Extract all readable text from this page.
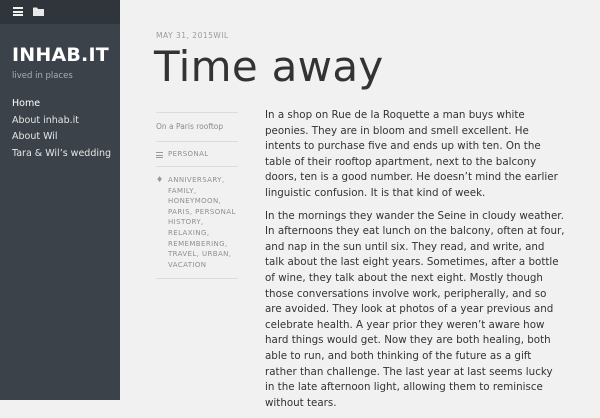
INHAB.IT
lived in places
Home
About inhab.it
About Wil
Tara & Wil’s wedding
MAY 31, 2015WIL
Time away
On a Paris rooftop
PERSONAL
♦ ANNIVERSARY, FAMILY, HONEYMOON, PARIS, PERSONAL HISTORY, RELAXING, REMEMBERING, TRAVEL, URBAN, VACATION

In a shop on Rue de la Roquette a man buys white peonies. They are in bloom and smell excellent. He intents to purchase five and ends up with ten. On the table of their rooftop apartment, next to the balcony doors, ten is a good number. He doesn’t mind the earlier linguistic confusion. It is that kind of week.

In the mornings they wander the Seine in cloudy weather. In afternoons they eat lunch on the balcony, often at four, and nap in the sun until six. They read, and write, and talk about the last eight years. Sometimes, after a bottle of wine, they talk about the next eight. Mostly though those conversations involve work, peripherally, and so are avoided. They look at photos of a year previous and celebrate health. A year prior they weren’t aware how hard things would get. Now they are both healing, both able to run, and both thinking of the future as a gift rather than challenge. The last year at last seems lucky in the late afternoon light, allowing them to reminisce without tears.
